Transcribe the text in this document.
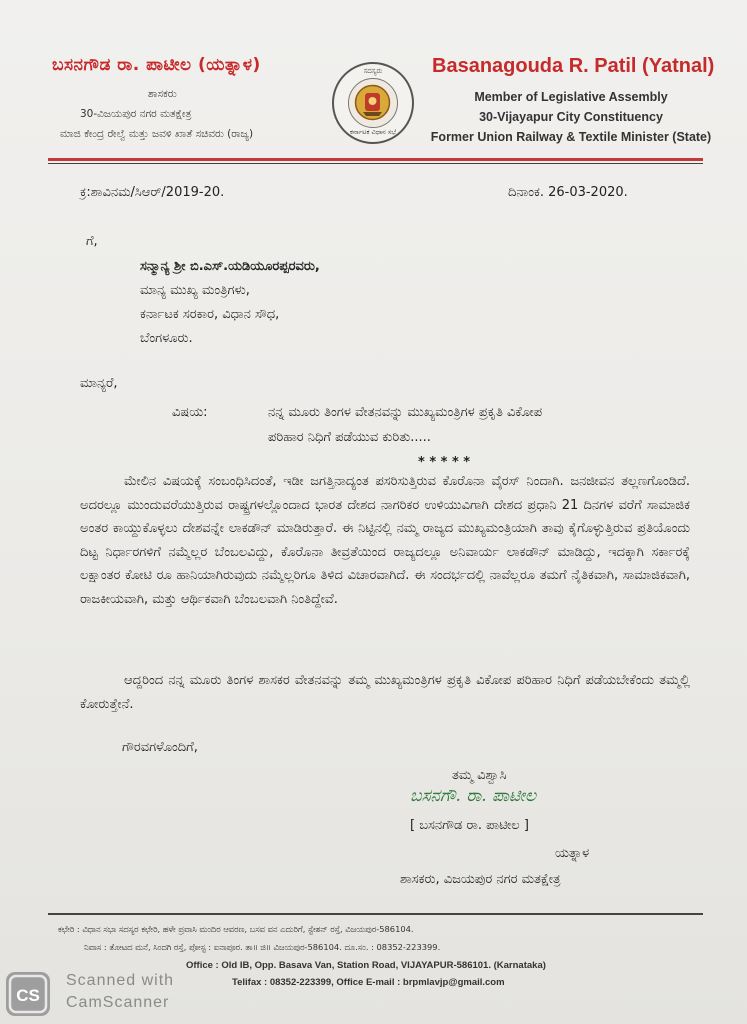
ಬಸನಗೌಡ ರಾ. ಪಾಟೀಲ (ಯತ್ನಾಳ)
ಶಾಸಕರು
30-ವಿಜಯಪುರ ನಗರ ಮತಕ್ಷೇತ್ರ
ಮಾಜಿ ಕೇಂದ್ರ ರೇಲ್ವೆ ಮತ್ತು ಜವಳಿ ಖಾತೆ ಸಚಿವರು (ರಾಜ್ಯ)
ಸದಸ್ಯರು
ಕರ್ನಾಟಕ ವಿಧಾನ ಸಭೆ
Basanagouda R. Patil (Yatnal)
Member of Legislative Assembly
30-Vijayapur City Constituency
Former Union Railway & Textile Minister (State)
ಕ್ರ:ಶಾವಿನಮ/ಸಿಆರ್/2019-20.	ದಿನಾಂಕ. 26-03-2020.
ಗೆ,
ಸನ್ಮಾನ್ಯ ಶ್ರೀ ಬಿ.ಎಸ್.ಯಡಿಯೂರಪ್ಪರವರು,
ಮಾನ್ಯ ಮುಖ್ಯ ಮಂತ್ರಿಗಳು,
ಕರ್ನಾಟಕ ಸರಕಾರ, ವಿಧಾನ ಸೌಧ,
ಬೆಂಗಳೂರು.
ಮಾನ್ಯರೆ,
ವಿಷಯ:	ನನ್ನ ಮೂರು ತಿಂಗಳ ವೇತನವನ್ನು ಮುಖ್ಯಮಂತ್ರಿಗಳ ಪ್ರಕೃತಿ ವಿಕೋಪ
ಪರಿಹಾರ ನಿಧಿಗೆ ಪಡೆಯುವ ಕುರಿತು.....
* * * * *
ಮೇಲಿನ ವಿಷಯಕ್ಕೆ ಸಂಬಂಧಿಸಿದಂತೆ, ಇಡೀ ಜಗತ್ತಿನಾದ್ಯಂತ ಪಸರಿಸುತ್ತಿರುವ ಕೊರೊನಾ ವೈರಸ್ ನಿಂದಾಗಿ. ಜನಜೀವನ ತಲ್ಲಣಗೊಂಡಿದೆ. ಅದರಲ್ಲೂ ಮುಂದುವರೆಯುತ್ತಿರುವ ರಾಷ್ಟ್ರಗಳಲ್ಲೊಂದಾದ ಭಾರತ ದೇಶದ ನಾಗರಿಕರ ಉಳಿಯುವಿಗಾಗಿ ದೇಶದ ಪ್ರಧಾನಿ 21 ದಿನಗಳ ವರೆಗೆ ಸಾಮಾಜಿಕ ಅಂತರ ಕಾಯ್ದುಕೊಳ್ಳಲು ದೇಶವನ್ನೇ ಲಾಕಡೌನ್ ಮಾಡಿರುತ್ತಾರೆ. ಈ ನಿಟ್ಟಿನಲ್ಲಿ ನಮ್ಮ ರಾಜ್ಯದ ಮುಖ್ಯಮಂತ್ರಿಯಾಗಿ ತಾವು ಕೈಗೊಳ್ಳುತ್ತಿರುವ ಪ್ರತಿಯೊಂದು ದಿಟ್ಟ ನಿರ್ಧಾರಗಳಿಗೆ ನಮ್ಮೆಲ್ಲರ ಬೆಂಬಲವಿದ್ದು, ಕೊರೊನಾ ತೀವ್ರತೆಯಿಂದ ರಾಜ್ಯದಲ್ಲೂ ಅನಿವಾರ್ಯ ಲಾಕಡೌನ್ ಮಾಡಿದ್ದು, ಇದಕ್ಕಾಗಿ ಸರ್ಕಾರಕ್ಕೆ ಲಕ್ಷಾಂತರ ಕೋಟಿ ರೂ ಹಾನಿಯಾಗಿರುವುದು ನಮ್ಮೆಲ್ಲರಿಗೂ ತಿಳಿದ ವಿಚಾರವಾಗಿದೆ. ಈ ಸಂದರ್ಭದಲ್ಲಿ ನಾವೆಲ್ಲರೂ ತಮಗೆ ನೈತಿಕವಾಗಿ, ಸಾಮಾಜಿಕವಾಗಿ, ರಾಜಕೀಯವಾಗಿ, ಮತ್ತು ಆರ್ಥಿಕವಾಗಿ ಬೆಂಬಲವಾಗಿ ನಿಂತಿದ್ದೇವೆ.
ಆದ್ದರಿಂದ ನನ್ನ ಮೂರು ತಿಂಗಳ ಶಾಸಕರ ವೇತನವನ್ನು ತಮ್ಮ ಮುಖ್ಯಮಂತ್ರಿಗಳ ಪ್ರಕೃತಿ ವಿಕೋಪ ಪರಿಹಾರ ನಿಧಿಗೆ ಪಡೆಯಬೇಕೆಂದು ತಮ್ಮಲ್ಲಿ ಕೋರುತ್ತೇನೆ.
ಗೌರವಗಳೊಂದಿಗೆ,
ತಮ್ಮ ವಿಶ್ವಾಸಿ
ಬಸನಗೌ. ರಾ. ಪಾಟೀಲ
[ ಬಸನಗೌಡ ರಾ. ಪಾಟೀಲ ]
ಯತ್ನಾಳ
ಶಾಸಕರು, ವಿಜಯಪುರ ನಗರ ಮತಕ್ಷೇತ್ರ
ಕಛೇರಿ : ವಿಧಾನ ಸಭಾ ಸದಸ್ಯರ ಕಛೇರಿ, ಹಳೇ ಪ್ರವಾಸಿ ಮಂದಿರ ಆವರಣ, ಬಸವ ವನ ಎದುರಿಗೆ, ಸ್ಟೇಶನ್ ರಸ್ತೆ, ವಿಜಯಪುರ-586104.
ನಿವಾಸ : ತೋಟದ ಮನೆ, ಸಿಂದಗಿ ರಸ್ತೆ, ಪೋಸ್ಟ : ಐನಾಪೂರ. ತಾ॥ ಜಿ॥ ವಿಜಯಪುರ-586104. ದೂ.ಸಂ. : 08352-223399.
Office : Old IB, Opp. Basava Van, Station Road, VIJAYAPUR-586101. (Karnataka)
Telifax : 08352-223399, Office E-mail : brpmlavjp@gmail.com
CS
Scanned with
CamScanner
